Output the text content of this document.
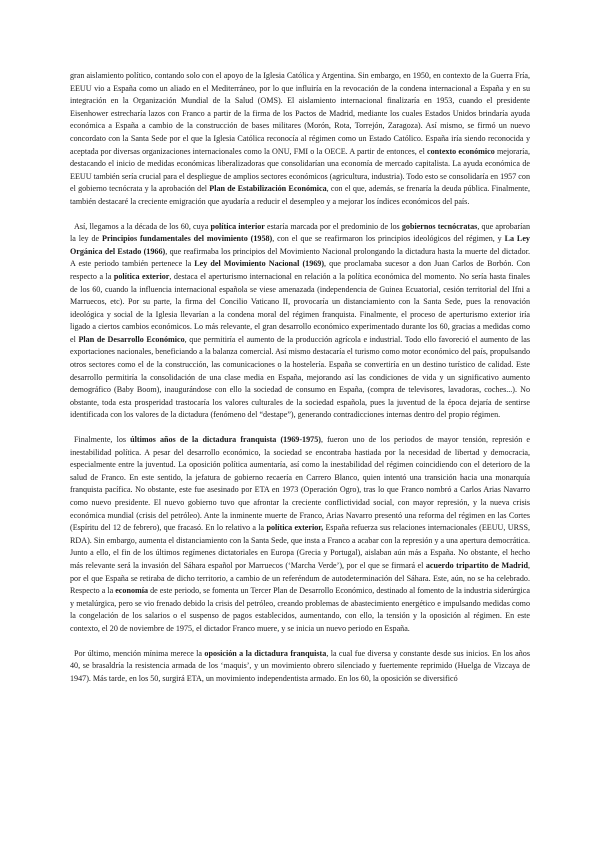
gran aislamiento político, contando solo con el apoyo de la Iglesia Católica y Argentina. Sin embargo, en 1950, en contexto de la Guerra Fría, EEUU vio a España como un aliado en el Mediterráneo, por lo que influiría en la revocación de la condena internacional a España y en su integración en la Organización Mundial de la Salud (OMS). El aislamiento internacional finalizaría en 1953, cuando el presidente Eisenhower estrecharía lazos con Franco a partir de la firma de los Pactos de Madrid, mediante los cuales Estados Unidos brindaría ayuda económica a España a cambio de la construcción de bases militares (Morón, Rota, Torrejón, Zaragoza). Así mismo, se firmó un nuevo concordato con la Santa Sede por el que la Iglesia Católica reconocía al régimen como un Estado Católico. España iría siendo reconocida y aceptada por diversas organizaciones internacionales como la ONU, FMI o la OECE. A partir de entonces, el contexto económico mejoraría, destacando el inicio de medidas económicas liberalizadoras que consolidarían una economía de mercado capitalista. La ayuda económica de EEUU también sería crucial para el despliegue de amplios sectores económicos (agricultura, industria). Todo esto se consolidaría en 1957 con el gobierno tecnócrata y la aprobación del Plan de Estabilización Económica, con el que, además, se frenaría la deuda pública. Finalmente, también destacaré la creciente emigración que ayudaría a reducir el desempleo y a mejorar los índices económicos del país.

Así, llegamos a la década de los 60, cuya política interior estaría marcada por el predominio de los gobiernos tecnócratas, que aprobarían la ley de Principios fundamentales del movimiento (1958), con el que se reafirmaron los principios ideológicos del régimen, y La Ley Orgánica del Estado (1966), que reafirmaba los principios del Movimiento Nacional prolongando la dictadura hasta la muerte del dictador. A este periodo también pertenece la Ley del Movimiento Nacional (1969), que proclamaba sucesor a don Juan Carlos de Borbón. Con respecto a la política exterior, destaca el aperturismo internacional en relación a la política económica del momento. No sería hasta finales de los 60, cuando la influencia internacional española se viese amenazada (independencia de Guinea Ecuatorial, cesión territorial del Ifni a Marruecos, etc). Por su parte, la firma del Concilio Vaticano II, provocaría un distanciamiento con la Santa Sede, pues la renovación ideológica y social de la Iglesia llevarían a la condena moral del régimen franquista. Finalmente, el proceso de aperturismo exterior iría ligado a ciertos cambios económicos. Lo más relevante, el gran desarrollo económico experimentado durante los 60, gracias a medidas como el Plan de Desarrollo Económico, que permitiría el aumento de la producción agrícola e industrial. Todo ello favoreció el aumento de las exportaciones nacionales, beneficiando a la balanza comercial. Así mismo destacaría el turismo como motor económico del país, propulsando otros sectores como el de la construcción, las comunicaciones o la hostelería. España se convertiría en un destino turístico de calidad. Este desarrollo permitiría la consolidación de una clase media en España, mejorando así las condiciones de vida y un significativo aumento demográfico (Baby Boom), inaugurándose con ello la sociedad de consumo en España, (compra de televisores, lavadoras, coches...). No obstante, toda esta prosperidad trastocaría los valores culturales de la sociedad española, pues la juventud de la época dejaría de sentirse identificada con los valores de la dictadura (fenómeno del “destape”), generando contradicciones internas dentro del propio régimen.

Finalmente, los últimos años de la dictadura franquista (1969-1975), fueron uno de los periodos de mayor tensión, represión e inestabilidad política. A pesar del desarrollo económico, la sociedad se encontraba hastiada por la necesidad de libertad y democracia, especialmente entre la juventud. La oposición política aumentaría, así como la inestabilidad del régimen coincidiendo con el deterioro de la salud de Franco. En este sentido, la jefatura de gobierno recaería en Carrero Blanco, quien intentó una transición hacia una monarquía franquista pacífica. No obstante, este fue asesinado por ETA en 1973 (Operación Ogro), tras lo que Franco nombró a Carlos Arias Navarro como nuevo presidente. El nuevo gobierno tuvo que afrontar la creciente conflictividad social, con mayor represión, y la nueva crisis económica mundial (crisis del petróleo). Ante la inminente muerte de Franco, Arias Navarro presentó una reforma del régimen en las Cortes (Espíritu del 12 de febrero), que fracasó. En lo relativo a la política exterior, España refuerza sus relaciones internacionales (EEUU, URSS, RDA). Sin embargo, aumenta el distanciamiento con la Santa Sede, que insta a Franco a acabar con la represión y a una apertura democrática. Junto a ello, el fin de los últimos regímenes dictatoriales en Europa (Grecia y Portugal), aislaban aún más a España. No obstante, el hecho más relevante será la invasión del Sáhara español por Marruecos (‘Marcha Verde’), por el que se firmará el acuerdo tripartito de Madrid, por el que España se retiraba de dicho territorio, a cambio de un referéndum de autodeterminación del Sáhara. Este, aún, no se ha celebrado. Respecto a la economía de este periodo, se fomenta un Tercer Plan de Desarrollo Económico, destinado al fomento de la industria siderúrgica y metalúrgica, pero se vio frenado debido la crisis del petróleo, creando problemas de abastecimiento energético e impulsando medidas como la congelación de los salarios o el suspenso de pagos establecidos, aumentando, con ello, la tensión y la oposición al régimen. En este contexto, el 20 de noviembre de 1975, el dictador Franco muere, y se inicia un nuevo periodo en España.

Por último, mención mínima merece la oposición a la dictadura franquista, la cual fue diversa y constante desde sus inicios. En los años 40, se brasaldría la resistencia armada de los ‘maquis’, y un movimiento obrero silenciado y fuertemente reprimido (Huelga de Vizcaya de 1947). Más tarde, en los 50, surgirá ETA, un movimiento independentista armado. En los 60, la oposición se diversificó
